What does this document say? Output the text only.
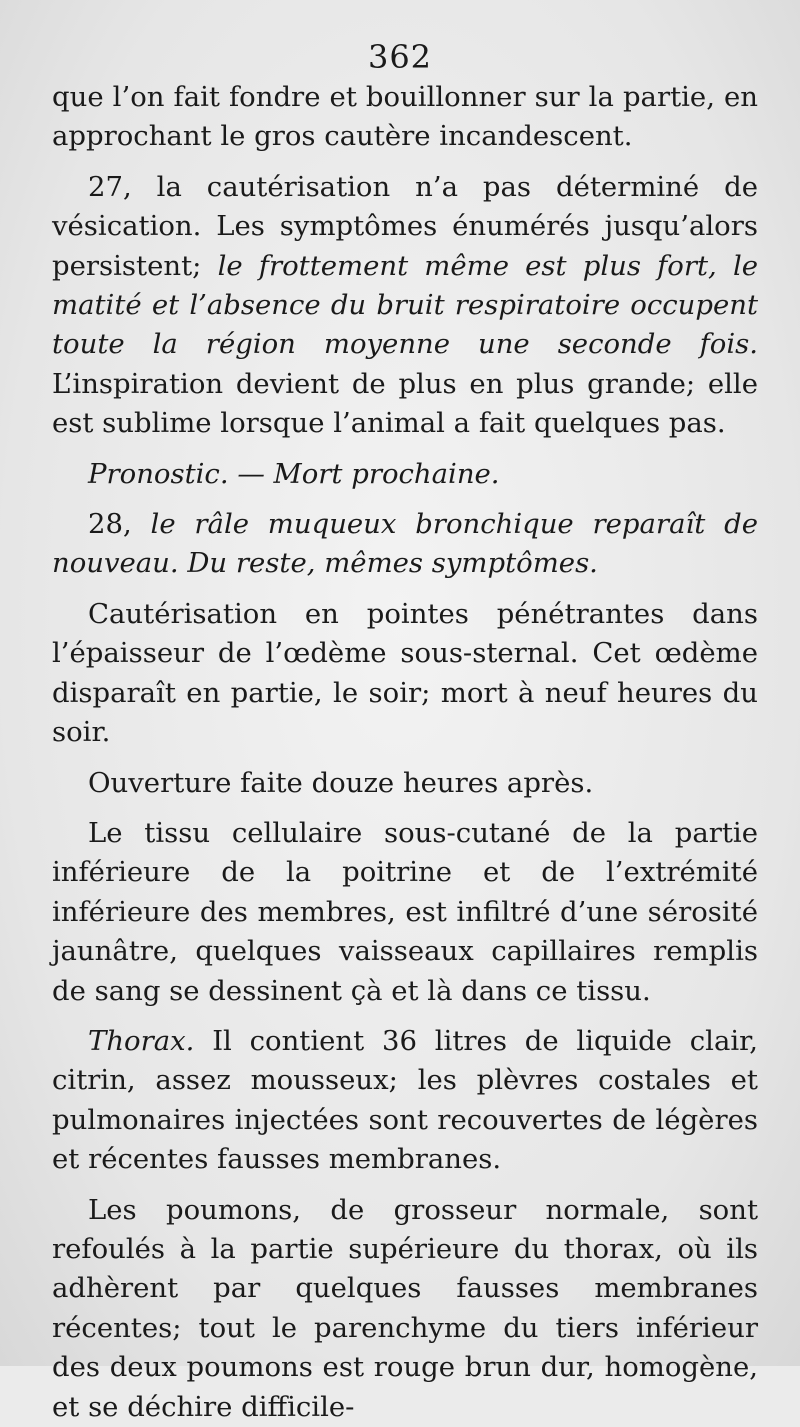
362

que l’on fait fondre et bouillonner sur la partie, en approchant le gros cautère incandescent.

27, la cautérisation n’a pas déterminé de vésication. Les symptômes énumérés jusqu’alors persistent; le frottement même est plus fort, le matité et l’absence du bruit respiratoire occupent toute la région moyenne une seconde fois. L’inspiration devient de plus en plus grande; elle est sublime lorsque l’animal a fait quelques pas.

Pronostic. — Mort prochaine.

28, le râle muqueux bronchique reparaît de nouveau. Du reste, mêmes symptômes.

Cautérisation en pointes pénétrantes dans l’épaisseur de l’œdème sous-sternal. Cet œdème disparaît en partie, le soir; mort à neuf heures du soir.

Ouverture faite douze heures après.

Le tissu cellulaire sous-cutané de la partie inférieure de la poitrine et de l’extrémité inférieure des membres, est infiltré d’une sérosité jaunâtre, quelques vaisseaux capillaires remplis de sang se dessinent çà et là dans ce tissu.

Thorax. Il contient 36 litres de liquide clair, citrin, assez mousseux; les plèvres costales et pulmonaires injectées sont recouvertes de légères et récentes fausses membranes.

Les poumons, de grosseur normale, sont refoulés à la partie supérieure du thorax, où ils adhèrent par quelques fausses membranes récentes; tout le parenchyme du tiers inférieur des deux poumons est rouge brun dur, homogène, et se déchire difficile-
